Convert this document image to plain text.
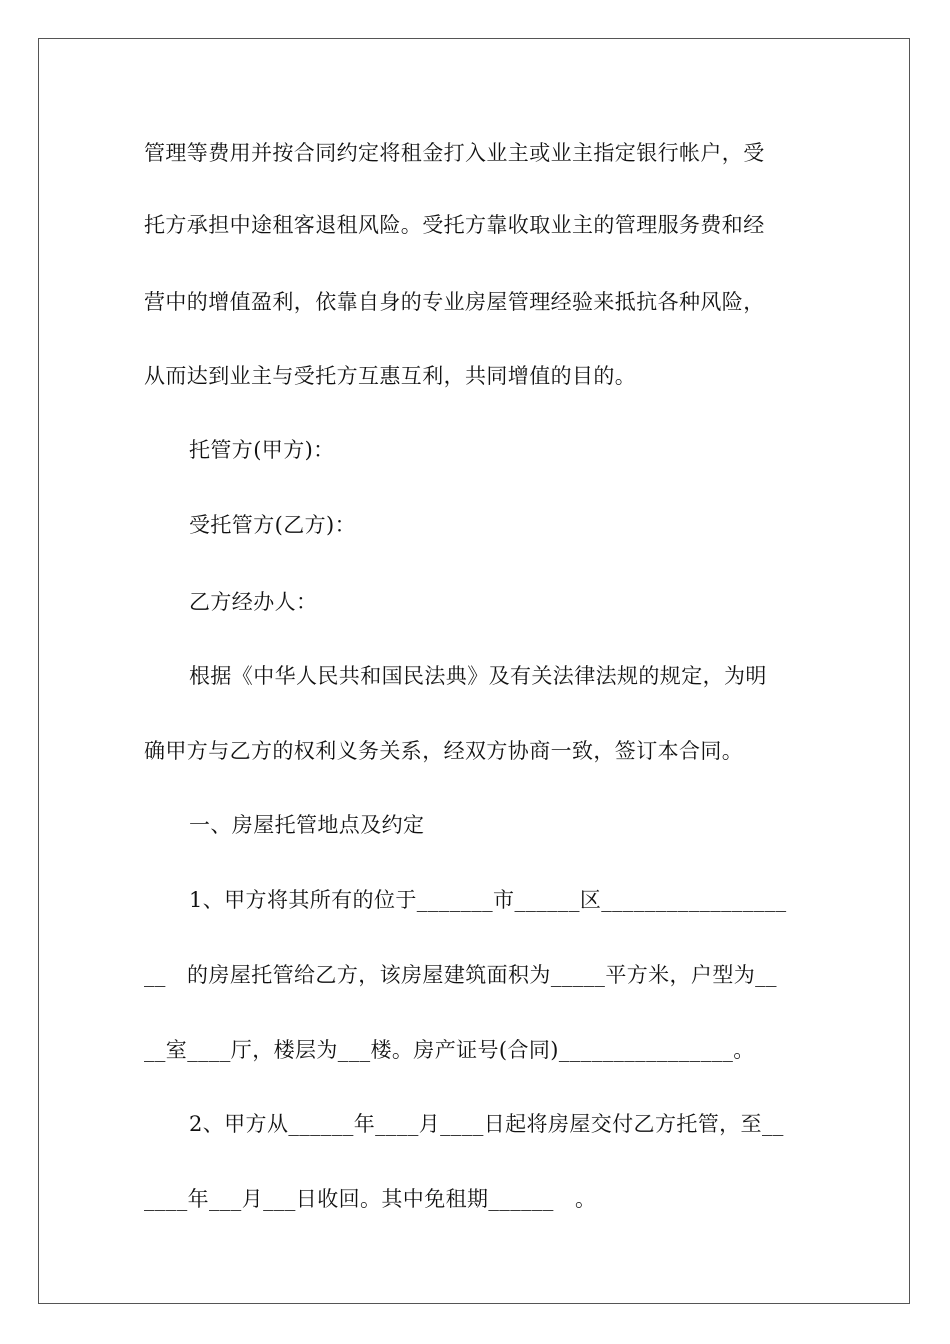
管理等费用并按合同约定将租金打入业主或业主指定银行帐户，受
托方承担中途租客退租风险。受托方靠收取业主的管理服务费和经
营中的增值盈利，依靠自身的专业房屋管理经验来抵抗各种风险，
从而达到业主与受托方互惠互利，共同增值的目的。
托管方(甲方)：
受托管方(乙方)：
乙方经办人：
根据《中华人民共和国民法典》及有关法律法规的规定，为明
确甲方与乙方的权利义务关系，经双方协商一致，签订本合同。
一、房屋托管地点及约定
1、甲方将其所有的位于_______市______区_________________
__   的房屋托管给乙方，该房屋建筑面积为_____平方米，户型为__
__室____厅，楼层为___楼。房产证号(合同)________________。
2、甲方从______年____月____日起将房屋交付乙方托管，至__
____年___月___日收回。其中免租期______   。
